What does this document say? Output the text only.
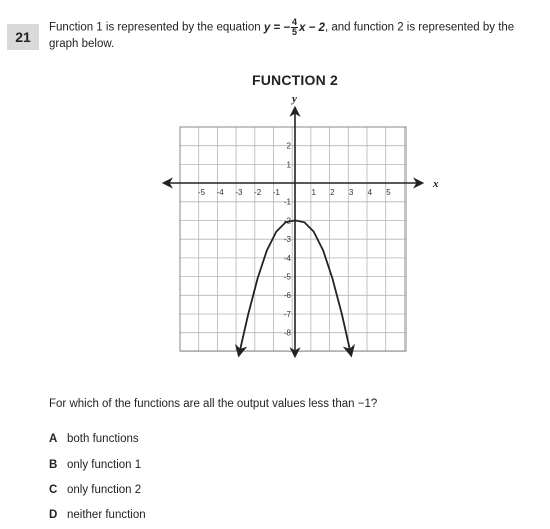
21
Function 1 is represented by the equation y = − $\frac{4}{5}$ x − 2, and function 2 is represented by the graph below.
FUNCTION 2
x
y
-5 -4 -3 -2 -1	1 2 3 4 5
2
1
-1
-2
-3
-4
-5
-6
-7
-8
For which of the functions are all the output values less than −1?
A both functions
B only function 1
C only function 2
D neither function
